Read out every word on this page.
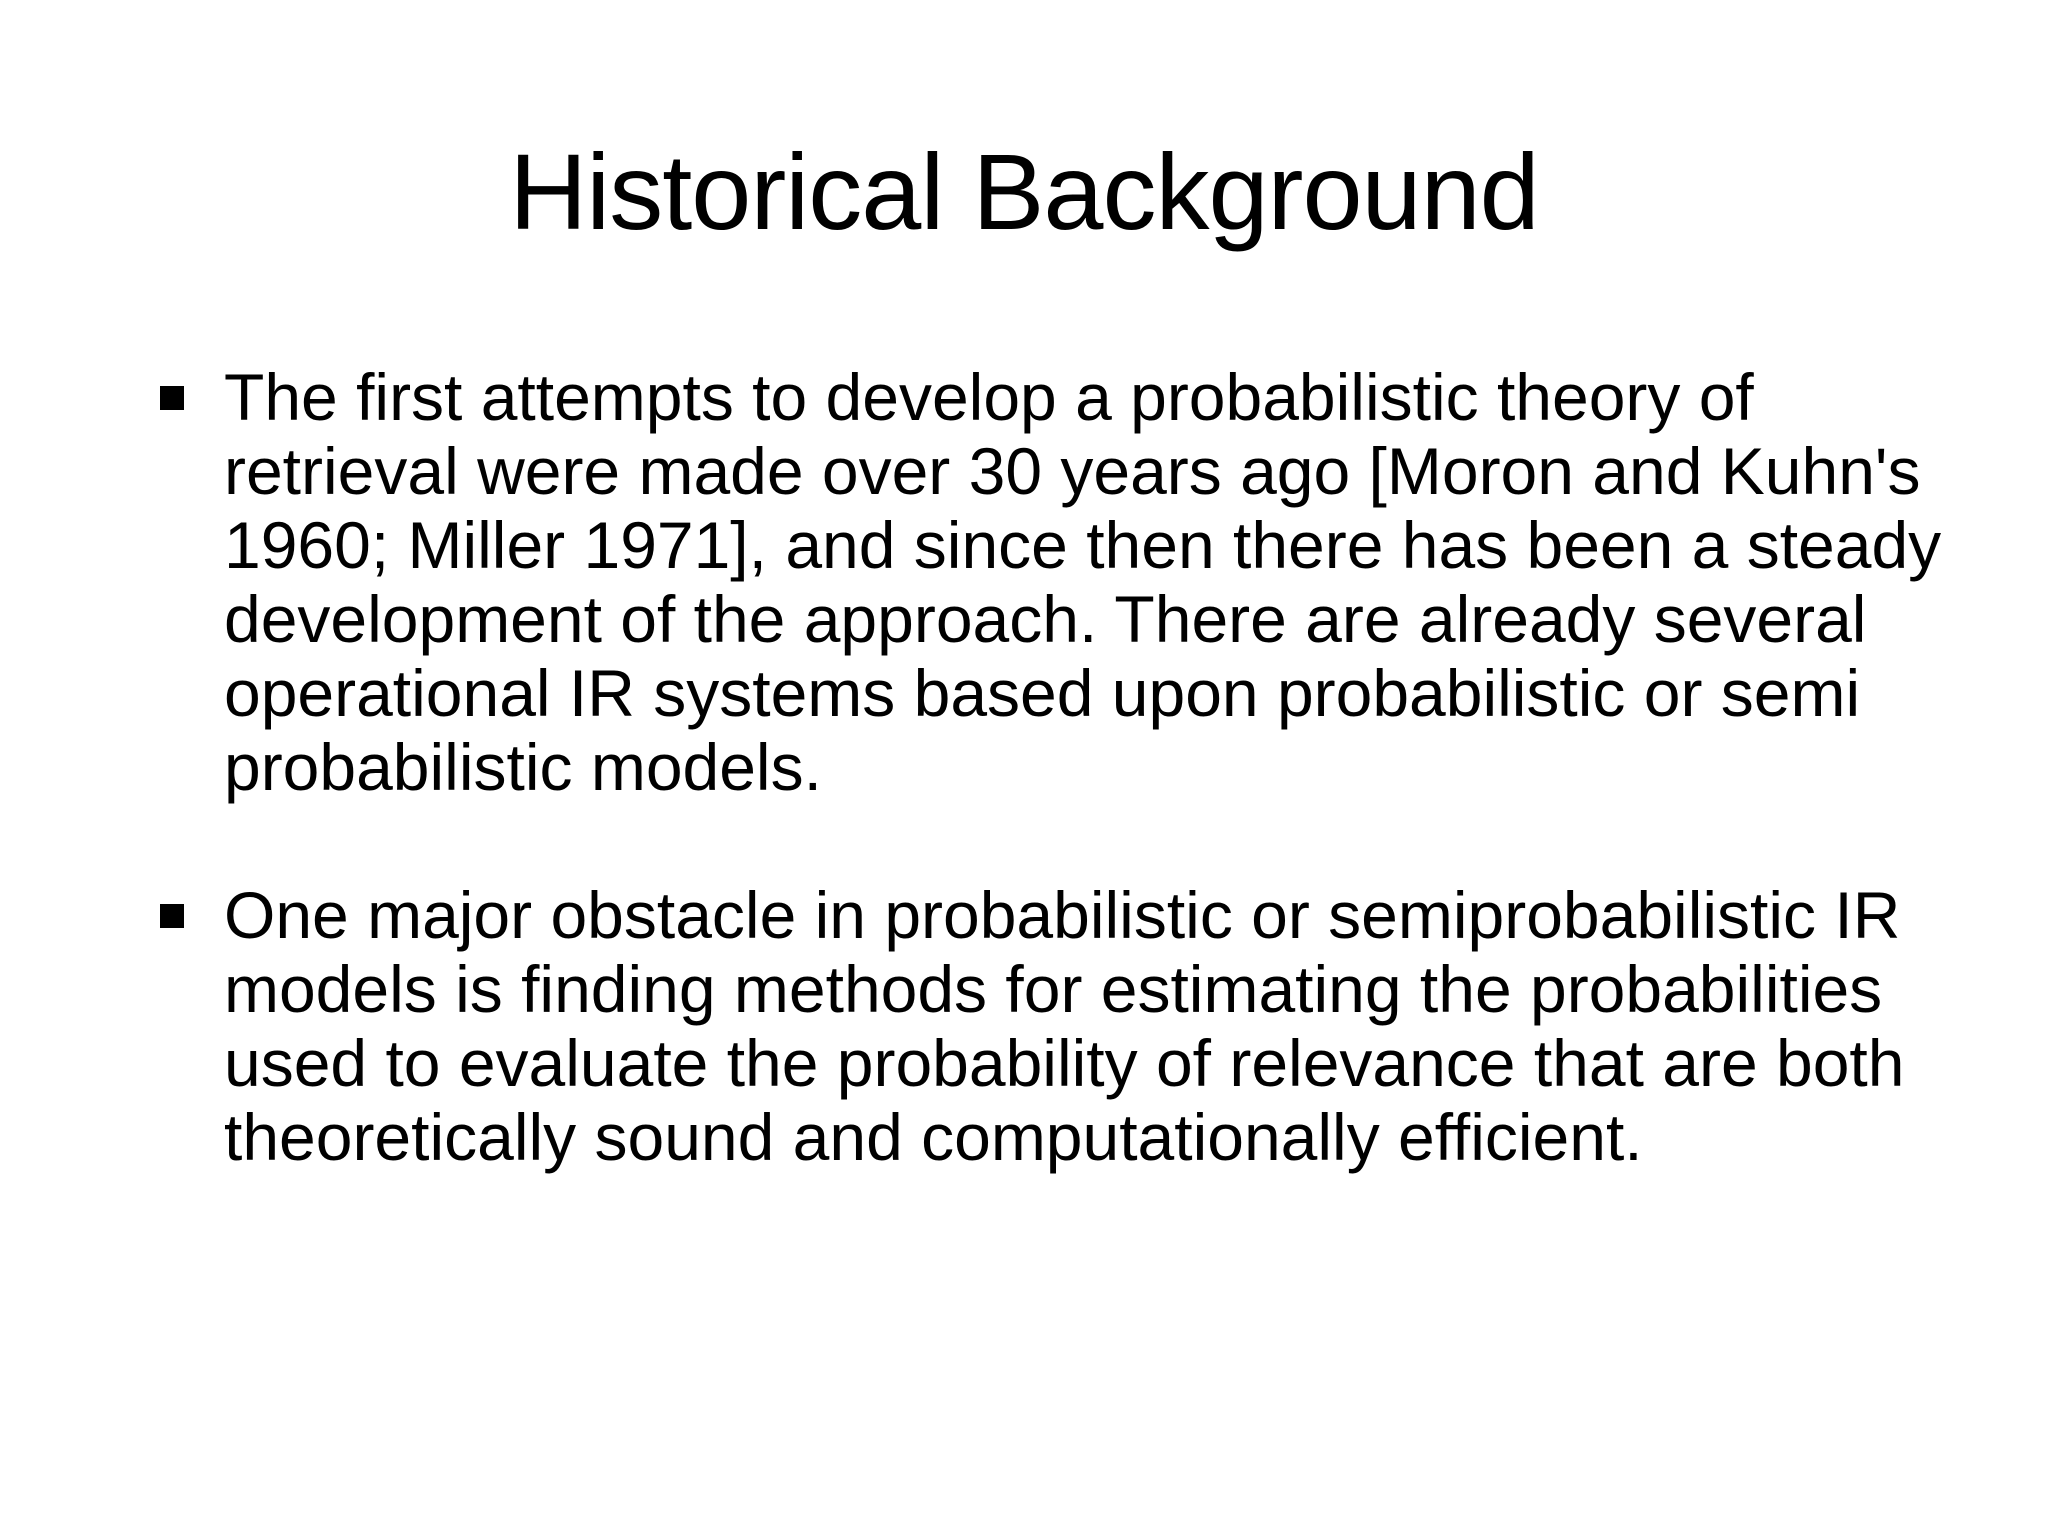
Historical Background
The first attempts to develop a probabilistic theory of retrieval were made over 30 years ago [Moron and Kuhn's 1960; Miller 1971], and since then there has been a steady development of the approach. There are already several operational IR systems based upon probabilistic or semi probabilistic models.
One major obstacle in probabilistic or semiprobabilistic IR models is finding methods for estimating the probabilities used to evaluate the probability of relevance that are both theoretically sound and computationally efficient.
